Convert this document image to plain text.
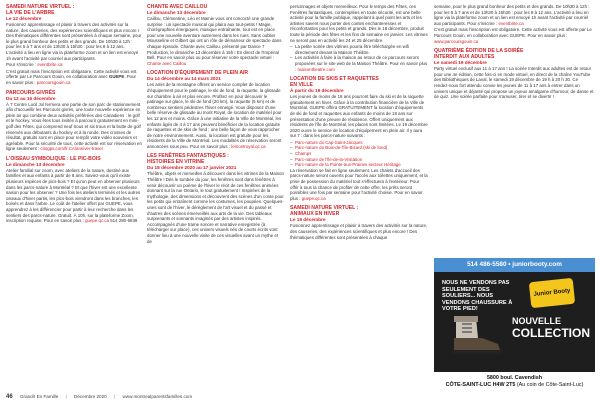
SAMEDI NATURE VIRTUEL :
LA VIE DE L'ARBRE
Le 12 décembre

Fusionnez apprentissage et plaisir à travers des activités sur la nature, des causeries, des expériences scientifiques et plus encore ! Des thématiques différentes sont présentées à chaque semaine, pour le plus grand bonheur des petits et des grands. De 10h30 à 12h : pour les 5 à 7 ans et de 13h30 à 15h30 : pour les 8 à 12 ans. L'activité a lieu en ligne via la plateforme zoom et un lien est envoyé 1h avant l'activité par courriel aux participants.

Pour s'inscrire : eventbrite.ca

C'est gratuit mais l'inscription est obligatoire. Cette activité vous est offerte par Le Parcours Gouin, en collaboration avec GUEPE. Pour en savoir plus : parcoursgouin.ca

PARCOURS GIVRÉS
Du 12 au 16 décembre

À 7 Centre Lucil Jol fermera une partie de son parc de stationnement afin d'accueillir les Parcours givrés, une toute nouvelle expérience en plein air qui combine deux activités préférées des Canadiens : le golf et le hockey. Vous êtes tous invités à parcourir gratuitement en mini-golf des Fêtes, qui comprend neuf trous et six trous et la butte de golf réservés aux débutants du hockey et à la ronde. Des crosses de résultat, gratuits sont en place pour remplir votre vidéo souvenirs et agréable. Pour la sécurité de tous, cette activité est sur réservation en ligne seulement : citogps.com/fr.CA/anniver-travel

L'OISEAU SYMBOLIQUE : LE PIC-BOIS
Le dimanche 13 décembre

Atelier familial sur zoom, avec ateliers de la nature, destiné aux familles et aux enfants à partir de 8 ans. Saviez-vous qu'il existe plusieurs espèces de pics-bois ? Et qu'on peut en observer plusieurs dans les parcs-nature à Montréal ? Et que l'hiver est une excellente saison pour les observer ? Une fois les ateliers terminés et les autres oiseaux d'hiver partis, les pics-bois viendront dans les branches, les boisés et dans l'arbre. Le coût de l'atelier offert par GUEPE, vous apprendrez à les différencier pour partir à leur recherche dans les sentiers des parcs-nature. Gratuit. À 10h, sur la plateforme Zoom, inscription requise. Pour en savoir plus : guepe.qc.ca 514 280-6839

CHANTE AVEC CAILLOU
Le dimanche 13 décembre

Caillou, Clémentine, Léo et Mamie vous ont concocté une grande surprise : un spectacle musical qui plaira aux tout-petits ! Magie, chorégraphies énergiques, musique entraînante, tout est en place pour une nouvelle aventure autrement dans les rues. Sans oublier Mousseline et Gilbert qui ont un rôle de démarreur de spectacle dans chaque épisode. Chante avec Caillou, présenté par Dance 7 Production, le dimanche 13 décembre à 15h ! En direct de l'Impérial Bell. Pour en savoir plus ou pour réserver votre spectacle virtuel : Chante avec Caillou

LOCATION D'ÉQUIPEMENT DE PLEIN AIR
Du 14 décembre au 14 mars 2021

Les amis de la montagne offrent un service complet de location d'équipement pour le patinage, le ski de fond, la raquette, la glissade sur chambre à air et plus encore. Profitez en pour découvrir le patinage sur glace, le ski de fond (20 km), la raquette (5 km) et de nombreux sentiers pédestres l'hiver enneigé. Vous disposez d'une belle réserve de glissade au mont Royal, de location de matériel pour les 12 ans et moins. Grâce à une initiative de la Ville de Montréal, les enfants âgés de 4 à 17 ans peuvent bénéficier de la location gratuite de raquettes et de skis de fond ; une belle façon de vous rapprocher de notre environnement. Aussi, la location est gratuite pour les résidents de la Ville de Montréal. Les modalités de réservation seront annoncées sous peu. Pour en savoir plus : lemontroyal.qc.ca

LES FENÊTRES FANTASTIQUES :
HISTOIRES EN VITRINE
Du 18 décembre 2020 au 17 janvier 2021

Théâtre, objets et merveilles à découvrir dans les vitrines de la Maison Théâtre ! Dès le tombée du jour, les fenêtres sont dans fenêtres à venir découvrir un poème de l'hiver le récit de ces fenêtres animées donnant sur la rue Ontario, le tout gratuitement ! Inspirées de la mythologie, des dimensions et découvrent des scènes d'un conte pour les petits qui entraînent comme les costumes, les poupées. Quelques-unes sont de l'hiver, le dérèglement de l'art visuel et du passé et d'autres des scènes émerveillés aux arts de la vie. Des tableaux surprenants et sonnants imaginés par des artistes inspirés. Accompagnés d'une trame sonore et narrative enregistrée (à télécharger sur place), ces univers visuels nés de courts écrits vont donner lieu à une nouvelle visite de ces visuelles avant un mythe et de

personnages et objets merveilleux. Pour le temps des Fêtes, ces Fenêtres fantastiques, contemplées en toute sécurité, est une belle activité pour la famille publique, rappelant à quel point les arts et les artistes savent nous porter des contes enchanteresses et réconfortantes pour les petits et grands. Dès le 18 décembre, produit toute la période des fêtes et les fins de semaine en janvier. Les vitrines ne seront pas en activité les 24 et 25 décembre.

– La petite soirée des vitrines pourra être téléchargée en wifi directement devant la Maison Théâtre.
– Les activités à faire à la maison au retour de ce parcours seront proposées sur le site web de la Maison Théâtre. Pour en savoir plus : maisontheatre.com
LOCATION DE SKIS ET RAQUETTES
EN VILLE
À partir du 19 décembre

Les jeunes de moins de 18 ans pourront faire du ski et de la raquette gratuitement en hiver. Grâce à la contribution financière de la Ville de Montréal, GUEPE offrira GRATUITEMENT la location d'équipements de ski de fond et raquettes aux enfants de moins de 18 ans sur présentation d'une preuve de résidence. Offert uniquement aux résidents de l'île de Montréal, les places sont limitées. Le 19 décembre 2020 ouvre le service de location d'équipement en plein air. Il y aura sur 7 : dans les parcs-nature suivants :

– Parc-nature du Cap-Saint-Jacques
– Parc-nature du Bois-de-l'Île-Bizard (ski de fond)
– Champs
– Parc-nature de l'Île-de-la-Visitation
– Parc-nature de la Pointe-aux-Prairies secteur Héritage

La réservation se fait en ligne seulement. Les chalets d'accueil des parcs-nature seront ouverts pour l'accès aux toilettes uniquement, et la prise de possession du matériel tout s'effectuera à l'extérieur. Pour offrir à tous la chance de profiter de cette offre, les prêts seront possibles une fois par semaine pour l'activité choisie. Pour en savoir plus : guepe.qc.ca

SAMEDI NATURE VIRTUEL :
ANIMAUX EN HIVER
Le 19 décembre

Fusionnez apprentissage et plaisir à travers des activités sur la nature, des causeries, des expériences scientifiques et plus encore ! Des thématiques différentes sont présentées à chaque

semaine, pour le plus grand bonheur des petits et des grands. De 10h30 à 12h : pour les 5 à 7 ans et de 13h30 à 15h30 : pour les 8 à 12 ans. L'activité a lieu en ligne via la plateforme zoom et un lien est envoyé 1h avant l'activité par courriel aux participants. Pour s'inscrire : eventbrite.ca

C'est gratuit mais l'inscription est obligatoire. Cette activité vous est offerte par Le Parcours Gouin, en collaboration avec GUEPE. Pour en savoir plus : www.parcoursgouin.ca

QUATRIÈME ÉDITION DE LA SOIRÉE
INTERDIT AUX ADULTES
Le samedi 19 décembre

Party virtuel exclusif aux 11 à 17 ans ! La soirée Interdit aux adultes est de retour pour une 4e édition, cette fois-ci en mode virtuel, en direct de la chaîne YouTube des Bibliothèques de Laval, le samedi 19 décembre de 19 h à 20 h 30. Ce rendez-vous fort attendu convie les jeunes de 11 à 17 ans à entrer dans un univers unique et déjanté qui propose un joyeux amalgame d'humour, de danse et de quiz. Une soirée parfaite pour s'amuser, tirer et se divertir !

514 486-5580 • juniorbooty.com
NOUS NE VENDONS PAS SEULEMENT DES SOULIERS... NOUS VENDONS CHAUSSURE À VOTRE PIED!
Junior Booty
NOUVELLE
COLLECTION
5800 boul. Cavendish
CÔTE-SAINT-LUC H4W 2T5 (Au coin de Côte-Saint-Luc)
46 Grandir En Famille | Décembre 2020 | www.montrealparentsfamilles.com
